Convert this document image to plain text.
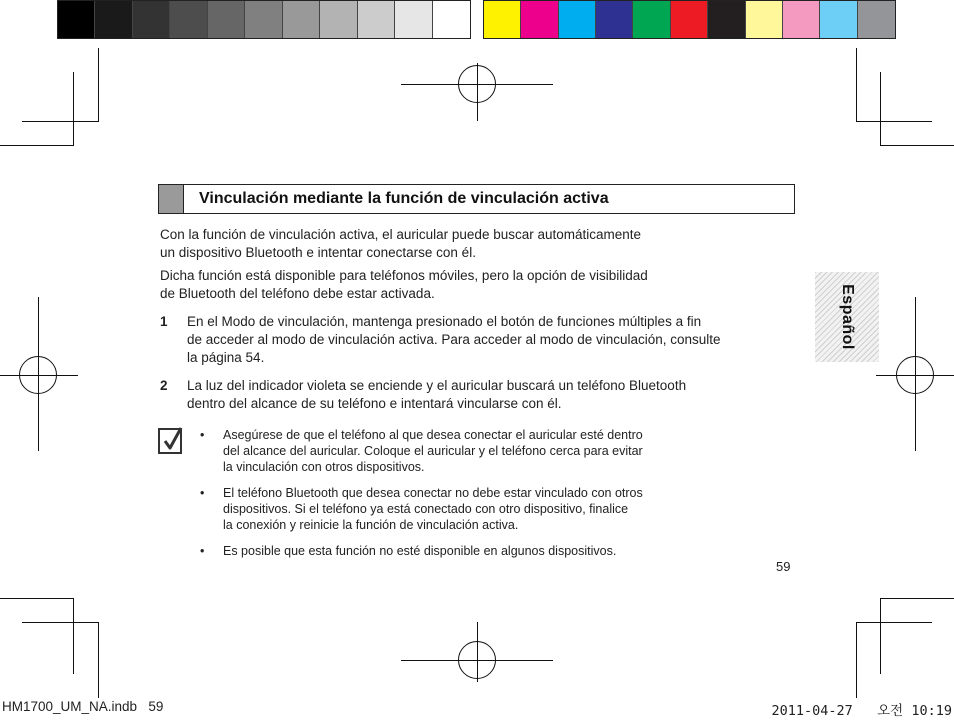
Vinculación mediante la función de vinculación activa
Con la función de vinculación activa, el auricular puede buscar automáticamente
un dispositivo Bluetooth e intentar conectarse con él.
Dicha función está disponible para teléfonos móviles, pero la opción de visibilidad
de Bluetooth del teléfono debe estar activada.
1 En el Modo de vinculación, mantenga presionado el botón de funciones múltiples a fin
de acceder al modo de vinculación activa. Para acceder al modo de vinculación, consulte
la página 54.
2 La luz del indicador violeta se enciende y el auricular buscará un teléfono Bluetooth
dentro del alcance de su teléfono e intentará vincularse con él.
• Asegúrese de que el teléfono al que desea conectar el auricular esté dentro
del alcance del auricular. Coloque el auricular y el teléfono cerca para evitar
la vinculación con otros dispositivos.
• El teléfono Bluetooth que desea conectar no debe estar vinculado con otros
dispositivos. Si el teléfono ya está conectado con otro dispositivo, finalice
la conexión y reinicie la función de vinculación activa.
• Es posible que esta función no esté disponible en algunos dispositivos.
59
Español
HM1700_UM_NA.indb   59	2011-04-27   오전 10:19
